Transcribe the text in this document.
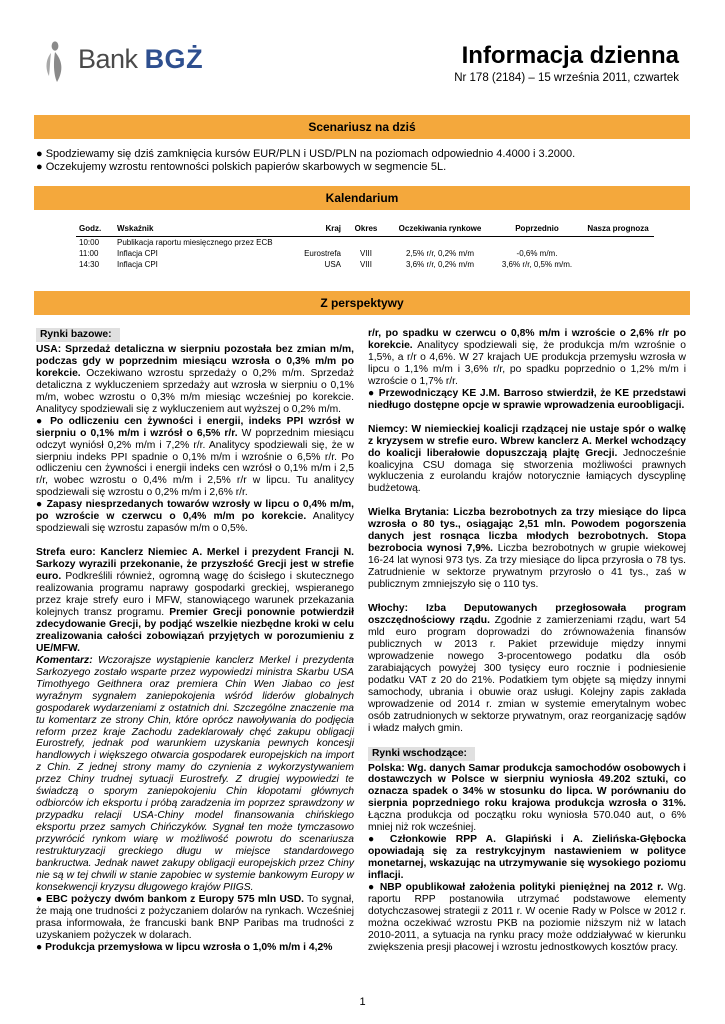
Bank BGŻ	Informacja dzienna
Nr 178 (2184) – 15 września 2011, czwartek
Scenariusz na dziś
● Spodziewamy się dziś zamknięcia kursów EUR/PLN i USD/PLN na poziomach odpowiednio 4.4000 i 3.2000.
● Oczekujemy wzrostu rentowności polskich papierów skarbowych w segmencie 5L.
Kalendarium
Godz.	Wskaźnik	Kraj	Okres	Oczekiwania rynkowe	Poprzednio	Nasza prognoza
10:00	Publikacja raportu miesięcznego przez ECB					
11:00	Inflacja CPI	Eurostrefa	VIII	2,5% r/r, 0,2% m/m	-0,6% m/m.	
14:30	Inflacja CPI	USA	VIII	3,6% r/r, 0,2% m/m	3,6% r/r, 0,5% m/m.	
Z perspektywy
Rynki bazowe:

USA: Sprzedaż detaliczna w sierpniu pozostała bez zmian m/m, podczas gdy w poprzednim miesiącu wzrosła o 0,3% m/m po korekcie. Oczekiwano wzrostu sprzedaży o 0,2% m/m. Sprzedaż detaliczna z wykluczeniem sprzedaży aut wzrosła w sierpniu o 0,1% m/m, wobec wzrostu o 0,3% m/m miesiąc wcześniej po korekcie. Analitycy spodziewali się z wykluczeniem aut wyższej o 0,2% m/m.

● Po odliczeniu cen żywności i energii, indeks PPI wzrósł w sierpniu o 0,1% m/m i wzrósł o 6,5% r/r. W poprzednim miesiącu odczyt wyniósł 0,2% m/m i 7,2% r/r. Analitycy spodziewali się, że w sierpniu indeks PPI spadnie o 0,1% m/m i wzrośnie o 6,5% r/r. Po odliczeniu cen żywności i energii indeks cen wzrósł o 0,1% m/m i 2,5 r/r, wobec wzrostu o 0,4% m/m i 2,5% r/r w lipcu. Tu analitycy spodziewali się wzrostu o 0,2% m/m i 2,6% r/r.

● Zapasy niesprzedanych towarów wzrosły w lipcu o 0,4% m/m, po wzroście w czerwcu o 0,4% m/m po korekcie. Analitycy spodziewali się wzrostu zapasów m/m o 0,5%.

Strefa euro: Kanclerz Niemiec A. Merkel i prezydent Francji N. Sarkozy wyrazili przekonanie, że przyszłość Grecji jest w strefie euro. Podkreślili również, ogromną wagę do ścisłego i skutecznego realizowania programu naprawy gospodarki greckiej, wspieranego przez kraje strefy euro i MFW, stanowiącego warunek przekazania kolejnych transz programu. Premier Grecji ponownie potwierdził zdecydowanie Grecji, by podjąć wszelkie niezbędne kroki w celu zrealizowania całości zobowiązań przyjętych w porozumieniu z UE/MFW.

Komentarz: Wczorajsze wystąpienie kanclerz Merkel i prezydenta Sarkozyego zostało wsparte przez wypowiedzi ministra Skarbu USA Timothyego Geithnera oraz premiera Chin Wen Jiabao co jest wyraźnym sygnałem zaniepokojenia wśród liderów globalnych gospodarek wydarzeniami z ostatnich dni. Szczególne znaczenie ma tu komentarz ze strony Chin, które oprócz nawoływania do podjęcia reform przez kraje Zachodu zadeklarowały chęć zakupu obligacji Eurostrefy, jednak pod warunkiem uzyskania pewnych koncesji handlowych i większego otwarcia gospodarek europejskich na import z Chin. Z jednej strony mamy do czynienia z wykorzystywaniem przez Chiny trudnej sytuacji Eurostrefy. Z drugiej wypowiedzi te świadczą o sporym zaniepokojeniu Chin kłopotami głównych odbiorców ich eksportu i próbą zaradzenia im poprzez sprawdzony w przypadku relacji USA-Chiny model finansowania chińskiego eksportu przez samych Chińczyków. Sygnał ten może tymczasowo przywrócić rynkom wiarę w możliwość powrotu do scenariusza restrukturyzacji greckiego długu w miejsce standardowego bankructwa. Jednak nawet zakupy obligacji europejskich przez Chiny nie są w tej chwili w stanie zapobiec w systemie bankowym Europy w konsekwencji kryzysu długowego krajów PIIGS.

● EBC pożyczy dwóm bankom z Europy 575 mln USD. To sygnał, że mają one trudności z pożyczaniem dolarów na rynkach. Wcześniej prasa informowała, że francuski bank BNP Paribas ma trudności z uzyskaniem pożyczek w dolarach.

● Produkcja przemysłowa w lipcu wzrosła o 1,0% m/m i 4,2%

r/r, po spadku w czerwcu o 0,8% m/m i wzroście o 2,6% r/r po korekcie. Analitycy spodziewali się, że produkcja m/m wzrośnie o 1,5%, a r/r o 4,6%. W 27 krajach UE produkcja przemysłu wzrosła w lipcu o 1,1% m/m i 3,6% r/r, po spadku poprzednio o 1,2% m/m i wzroście o 1,7% r/r.

● Przewodniczący KE J.M. Barroso stwierdził, że KE przedstawi niedługo dostępne opcje w sprawie wprowadzenia euroobligacji.

Niemcy: W niemieckiej koalicji rządzącej nie ustaje spór o walkę z kryzysem w strefie euro. Wbrew kanclerz A. Merkel wchodzący do koalicji liberałowie dopuszczają plajtę Grecji. Jednocześnie koalicyjna CSU domaga się stworzenia możliwości prawnych wykluczenia z eurolandu krajów notorycznie łamiących dyscyplinę budżetową.

Wielka Brytania: Liczba bezrobotnych za trzy miesiące do lipca wzrosła o 80 tys., osiągając 2,51 mln. Powodem pogorszenia danych jest rosnąca liczba młodych bezrobotnych. Stopa bezrobocia wynosi 7,9%. Liczba bezrobotnych w grupie wiekowej 16-24 lat wynosi 973 tys. Za trzy miesiące do lipca przyrosła o 78 tys. Zatrudnienie w sektorze prywatnym przyrosło o 41 tys., zaś w publicznym zmniejszyło się o 110 tys.

Włochy: Izba Deputowanych przegłosowała program oszczędnościowy rządu. Zgodnie z zamierzeniami rządu, wart 54 mld euro program doprowadzi do zrównoważenia finansów publicznych w 2013 r. Pakiet przewiduje między innymi wprowadzenie nowego 3-procentowego podatku dla osób zarabiających powyżej 300 tysięcy euro rocznie i podniesienie podatku VAT z 20 do 21%. Podatkiem tym objęte są między innymi samochody, ubrania i obuwie oraz usługi. Kolejny zapis zakłada wprowadzenie od 2014 r. zmian w systemie emerytalnym wobec osób zatrudnionych w sektorze prywatnym, oraz reorganizację sądów i władz małych gmin.

Rynki wschodzące:

Polska: Wg. danych Samar produkcja samochodów osobowych i dostawczych w Polsce w sierpniu wyniosła 49.202 sztuki, co oznacza spadek o 34% w stosunku do lipca. W porównaniu do sierpnia poprzedniego roku krajowa produkcja wzrosła o 31%. Łączna produkcja od początku roku wyniosła 570.040 aut, o 6% mniej niż rok wcześniej.

● Członkowie RPP A. Glapiński i A. Zielińska-Głębocka opowiadają się za restrykcyjnym nastawieniem w polityce monetarnej, wskazując na utrzymywanie się wysokiego poziomu inflacji.

● NBP opublikował założenia polityki pieniężnej na 2012 r. Wg. raportu RPP postanowiła utrzymać podstawowe elementy dotychczasowej strategii z 2011 r. W ocenie Rady w Polsce w 2012 r. można oczekiwać wzrostu PKB na poziomie niższym niż w latach 2010-2011, a sytuacja na rynku pracy może oddziaływać w kierunku zwiększenia presji płacowej i wzrostu jednostkowych kosztów pracy.

1
